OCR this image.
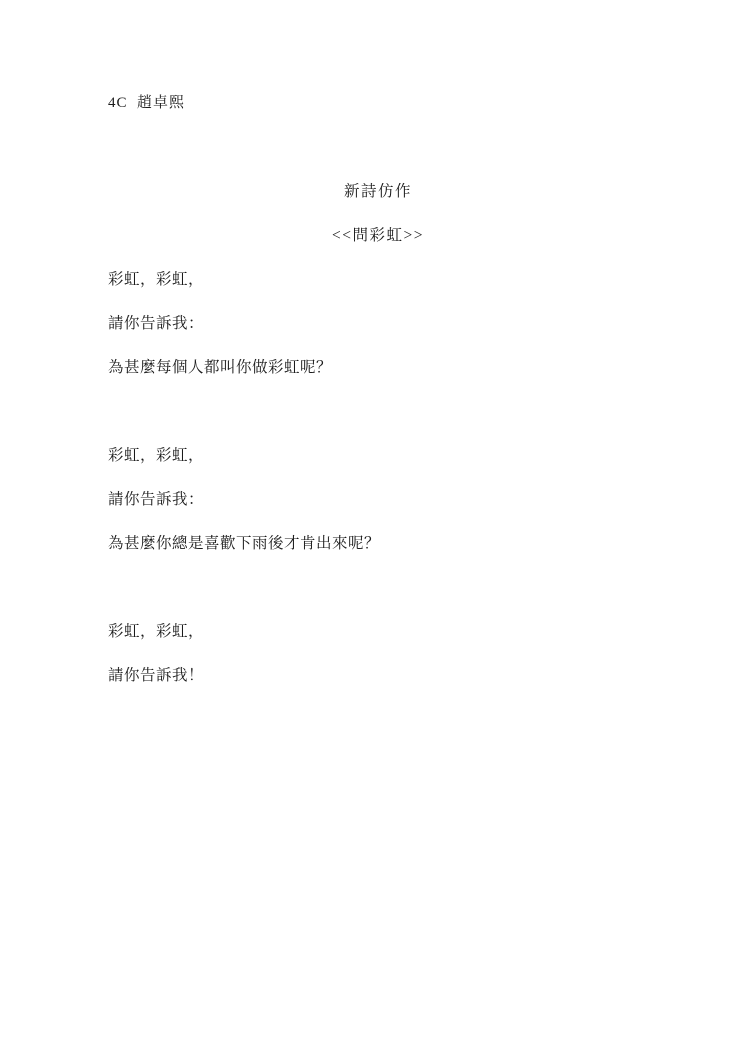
4C  趙卓熙
新詩仿作
<<問彩虹>>
彩虹，彩虹，
請你告訴我：
為甚麼每個人都叫你做彩虹呢？
彩虹，彩虹，
請你告訴我：
為甚麼你總是喜歡下雨後才肯出來呢？
彩虹，彩虹，
請你告訴我！
